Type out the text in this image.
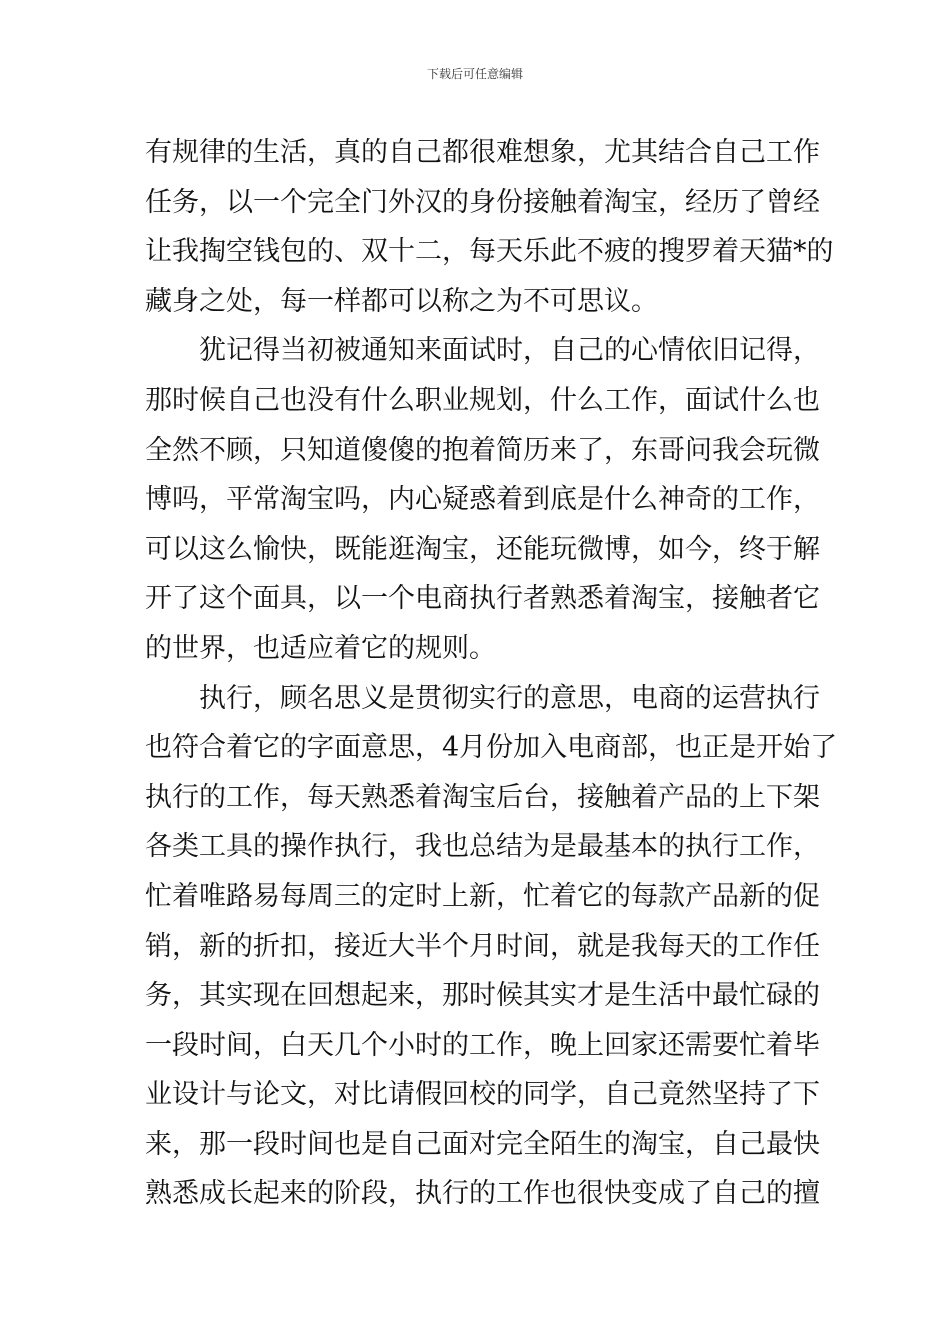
下载后可任意编辑
有规律的生活，真的自己都很难想象，尤其结合自己工作
任务，以一个完全门外汉的身份接触着淘宝，经历了曾经
让我掏空钱包的、双十二，每天乐此不疲的搜罗着天猫*的
藏身之处，每一样都可以称之为不可思议。
犹记得当初被通知来面试时，自己的心情依旧记得，
那时候自己也没有什么职业规划，什么工作，面试什么也
全然不顾，只知道傻傻的抱着简历来了，东哥问我会玩微
博吗，平常淘宝吗，内心疑惑着到底是什么神奇的工作，
可以这么愉快，既能逛淘宝，还能玩微博，如今，终于解
开了这个面具，以一个电商执行者熟悉着淘宝，接触者它
的世界，也适应着它的规则。
执行，顾名思义是贯彻实行的意思，电商的运营执行
也符合着它的字面意思，4月份加入电商部，也正是开始了
执行的工作，每天熟悉着淘宝后台，接触着产品的上下架
各类工具的操作执行，我也总结为是最基本的执行工作，
忙着唯路易每周三的定时上新，忙着它的每款产品新的促
销，新的折扣，接近大半个月时间，就是我每天的工作任
务，其实现在回想起来，那时候其实才是生活中最忙碌的
一段时间，白天几个小时的工作，晚上回家还需要忙着毕
业设计与论文，对比请假回校的同学，自己竟然坚持了下
来，那一段时间也是自己面对完全陌生的淘宝，自己最快
熟悉成长起来的阶段，执行的工作也很快变成了自己的擅
